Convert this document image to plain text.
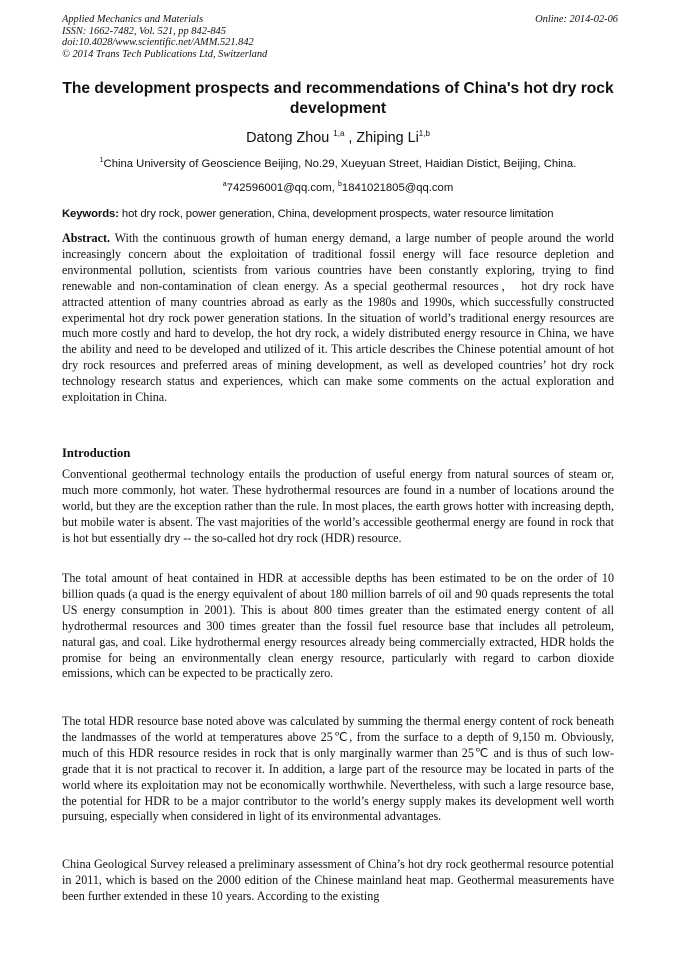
Applied Mechanics and Materials
ISSN: 1662-7482, Vol. 521, pp 842-845
doi:10.4028/www.scientific.net/AMM.521.842
© 2014 Trans Tech Publications Ltd, Switzerland
Online: 2014-02-06
The development prospects and recommendations of China's hot dry rock development
Datong Zhou $^{1,a}$ , Zhiping Li$^{1,b}$
$^1$China University of Geoscience Beijing, No.29, Xueyuan Street, Haidian Distict, Beijing, China.
$^a$742596001@qq.com, $^b$1841021805@qq.com
Keywords: hot dry rock, power generation, China, development prospects, water resource limitation
Abstract. With the continuous growth of human energy demand, a large number of people around the world increasingly concern about the exploitation of traditional fossil energy will face resource depletion and environmental pollution, scientists from various countries have been constantly exploring, trying to find renewable and non-contamination of clean energy. As a special geothermal resources， hot dry rock have attracted attention of many countries abroad as early as the 1980s and 1990s, which successfully constructed experimental hot dry rock power generation stations. In the situation of world’s traditional energy resources are much more costly and hard to develop, the hot dry rock, a widely distributed energy resource in China, we have the ability and need to be developed and utilized of it. This article describes the Chinese potential amount of hot dry rock resources and preferred areas of mining development, as well as developed countries’ hot dry rock technology research status and experiences, which can make some comments on the actual exploration and exploitation in China.
Introduction
Conventional geothermal technology entails the production of useful energy from natural sources of steam or, much more commonly, hot water. These hydrothermal resources are found in a number of locations around the world, but they are the exception rather than the rule. In most places, the earth grows hotter with increasing depth, but mobile water is absent. The vast majorities of the world’s accessible geothermal energy are found in rock that is hot but essentially dry -- the so-called hot dry rock (HDR) resource.
The total amount of heat contained in HDR at accessible depths has been estimated to be on the order of 10 billion quads (a quad is the energy equivalent of about 180 million barrels of oil and 90 quads represents the total US energy consumption in 2001). This is about 800 times greater than the estimated energy content of all hydrothermal resources and 300 times greater than the fossil fuel resource base that includes all petroleum, natural gas, and coal. Like hydrothermal energy resources already being commercially extracted, HDR holds the promise for being an environmentally clean energy resource, particularly with regard to carbon dioxide emissions, which can be expected to be practically zero.
The total HDR resource base noted above was calculated by summing the thermal energy content of rock beneath the landmasses of the world at temperatures above 25℃, from the surface to a depth of 9,150 m. Obviously, much of this HDR resource resides in rock that is only marginally warmer than 25℃ and is thus of such low-grade that it is not practical to recover it. In addition, a large part of the resource may be located in parts of the world where its exploitation may not be economically worthwhile. Nevertheless, with such a large resource base, the potential for HDR to be a major contributor to the world’s energy supply makes its development well worth pursuing, especially when considered in light of its environmental advantages.
China Geological Survey released a preliminary assessment of China’s hot dry rock geothermal resource potential in 2011, which is based on the 2000 edition of the Chinese mainland heat map. Geothermal measurements have been further extended in these 10 years. According to the existing
